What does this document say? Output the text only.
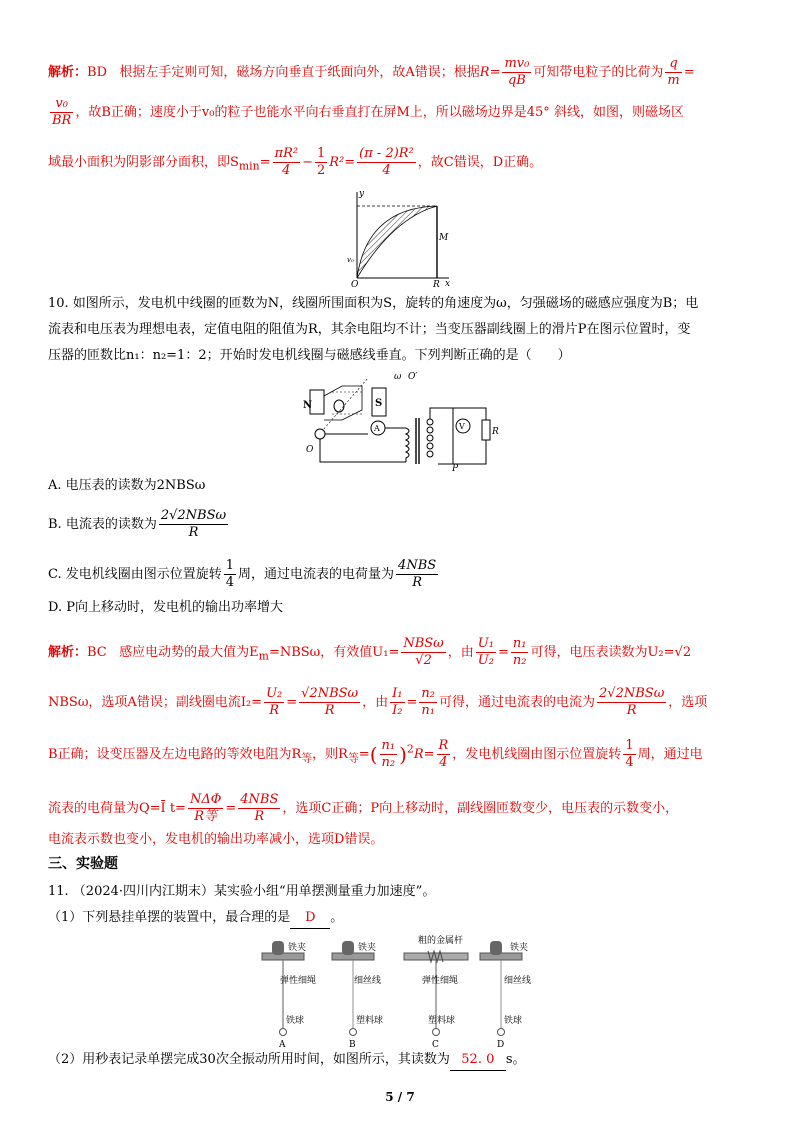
解析：BD 根据左手定则可知，磁场方向垂直于纸面向外，故A错误；根据$R= \frac{\text{mv₀}}{qB}$ 可知带电粒子的比荷为 $\frac{q}{m}$ =
$\frac{\text{v₀}}{BR}$ ，故B正确；速度小于v₀的粒子也能水平向右垂直打在屏M上，所以磁场边界是45° 斜线，如图，则磁场区
域最小面积为阴影部分面积，即$S_{min}= \frac{\text{πR²}}{4} - \frac{1}{2} R^2= \frac{\text{(π - 2)R²}}{4}$ ，故C错误，D正确。
y
x
O
v₀
R
M
10. 如图所示，发电机中线圈的匝数为N，线圈所围面积为S，旋转的角速度为ω，匀强磁场的磁感应强度为B；电
流表和电压表为理想电表，定值电阻的阻值为R，其余电阻均不计；当变压器副线圈上的滑片P在图示位置时，变
压器的匝数比n₁：n₂=1：2；开始时发电机线圈与磁感线垂直。下列判断正确的是（　　）
N	S
ω O′
A	V
R
O
P
A. 电压表的读数为2NBSω
B. 电流表的读数为 $\frac{\text{2√2NBSω}}{R}$
C. 发电机线圈由图示位置旋转 $\frac{1}{4}$ 周，通过电流表的电荷量为 $\frac{\text{4NBS}}{R}$
D. P向上移动时，发电机的输出功率增大
解析：BC 感应电动势的最大值为$E_m=NBS\omega$，有效值$U_1= \frac{\text{NBSω}}{√2}$ ，由 $\frac{\text{U₁}}{\text{U₂}} = \frac{\text{n₁}}{\text{n₂}}$ 可得，电压表读数为U₂=√2
NBSω，选项A错误；副线圈电流$I_2= \frac{\text{U₂}}{R} = \frac{\text{√2NBSω}}{R}$ ，由 $\frac{\text{I₁}}{\text{I₂}} = \frac{\text{n₂}}{\text{n₁}}$ 可得，通过电流表的电流为 $\frac{\text{2√2NBSω}}{R}$ ，选项
B正确；设变压器及左边电路的等效电阻为$R_等$，则$R_等=( \frac{\text{n₁}}{\text{n₂}} )^2R= \frac{R}{4}$ ，发电机线圈由图示位置旋转 $\frac{1}{4}$ 周，通过电
流表的电荷量为Q=Ī $t= \frac{\text{NΔΦ}}{\text{R等}} = \frac{\text{4NBS}}{R}$ ，选项C正确；P向上移动时，副线圈匝数变少，电压表的示数变小，
电流表示数也变小，发电机的输出功率减小，选项D错误。
三、实验题
11. （2024·四川内江期末）某实验小组“用单摆测量重力加速度”。
（1）下列悬挂单摆的装置中，最合理的是 D 。
铁夹
弹性细绳
铁球
A
铁夹
细丝线
塑料球
B
粗的金属杆
弹性细绳
塑料球
C
铁夹
细丝线
铁球
D
（2）用秒表记录单摆完成30次全振动所用时间，如图所示，其读数为 52. 0 s。
5 / 7
